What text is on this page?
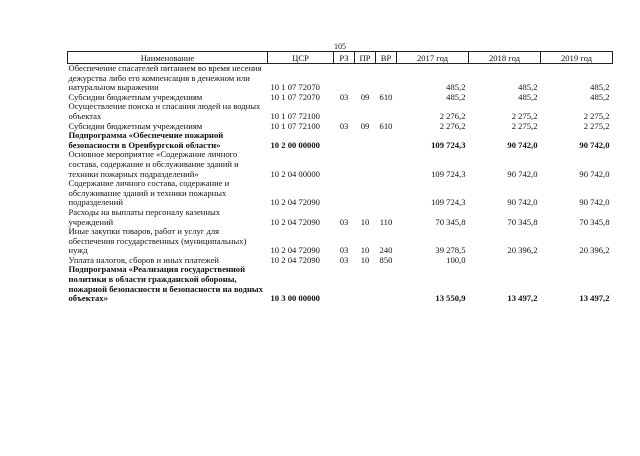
105
Наименование	ЦСР	РЗ	ПР	ВР	2017 год	2018 год	2019 год
Обеспечение спасателей питанием во время несения дежурства либо его компенсация в денежном или натуральном выражении	10 1 07 72070				485,2	485,2	485,2
Субсидии бюджетным учреждениям	10 1 07 72070	03	09	610	485,2	485,2	485,2
Осуществление поиска и спасания людей на водных объектах	10 1 07 72100				2 276,2	2 275,2	2 275,2
Субсидии бюджетным учреждениям	10 1 07 72100	03	09	610	2 276,2	2 275,2	2 275,2
Подпрограмма «Обеспечение пожарной безопасности в Оренбургской области»	10 2 00 00000				109 724,3	90 742,0	90 742,0
Основное мероприятие «Содержание личного состава, содержание и обслуживание зданий и техники пожарных подразделений»	10 2 04 00000				109 724,3	90 742,0	90 742,0
Содержание личного состава, содержание и обслуживание зданий и техники пожарных подразделений	10 2 04 72090				109 724,3	90 742,0	90 742,0
Расходы на выплаты персоналу казенных учреждений	10 2 04 72090	03	10	110	70 345,8	70 345,8	70 345,8
Иные закупки товаров, работ и услуг для обеспечения государственных (муниципальных) нужд	10 2 04 72090	03	10	240	39 278,5	20 396,2	20 396,2
Уплата налогов, сборов и иных платежей	10 2 04 72090	03	10	850	100,0		
Подпрограмма «Реализация государственной политики в области гражданской обороны, пожарной безопасности и безопасности на водных объектах»	10 3 00 00000				13 550,9	13 497,2	13 497,2
